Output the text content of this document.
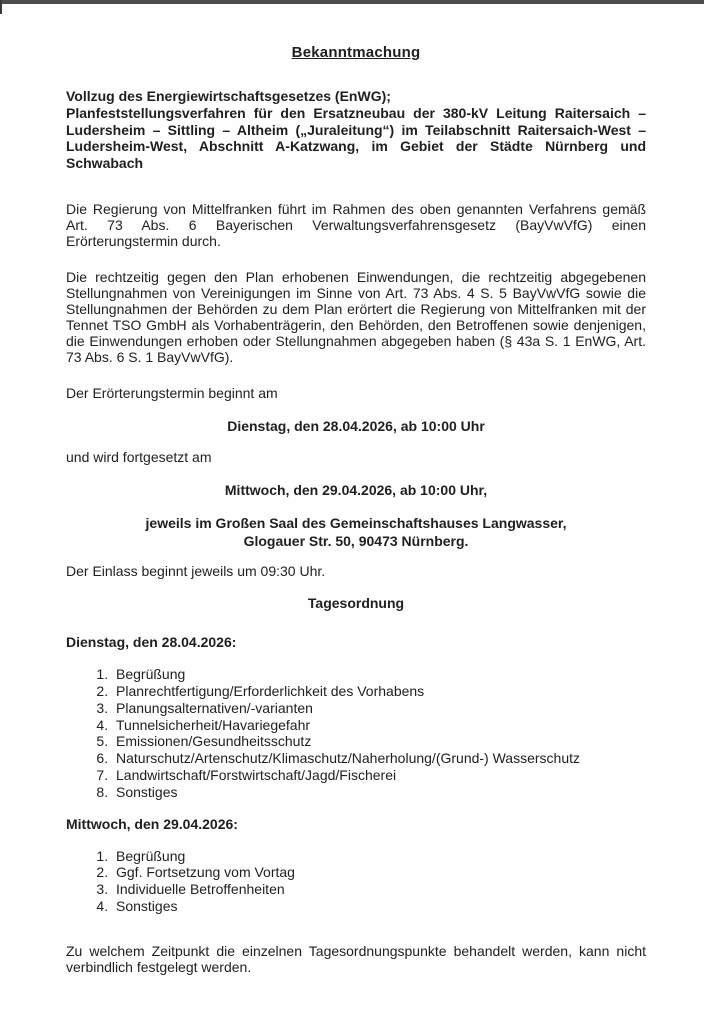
Bekanntmachung
Vollzug des Energiewirtschaftsgesetzes (EnWG);
Planfeststellungsverfahren für den Ersatzneubau der 380-kV Leitung Raitersaich – Ludersheim – Sittling – Altheim („Juraleitung“) im Teilabschnitt Raitersaich-West – Ludersheim-West, Abschnitt A-Katzwang, im Gebiet der Städte Nürnberg und Schwabach

Die Regierung von Mittelfranken führt im Rahmen des oben genannten Verfahrens gemäß Art. 73 Abs. 6 Bayerischen Verwaltungsverfahrensgesetz (BayVwVfG) einen Erörterungstermin durch.

Die rechtzeitig gegen den Plan erhobenen Einwendungen, die rechtzeitig abgegebenen Stellungnahmen von Vereinigungen im Sinne von Art. 73 Abs. 4 S. 5 BayVwVfG sowie die Stellungnahmen der Behörden zu dem Plan erörtert die Regierung von Mittelfranken mit der Tennet TSO GmbH als Vorhabenträgerin, den Behörden, den Betroffenen sowie denjenigen, die Einwendungen erhoben oder Stellungnahmen abgegeben haben (§ 43a S. 1 EnWG, Art. 73 Abs. 6 S. 1 BayVwVfG).

Der Erörterungstermin beginnt am

Dienstag, den 28.04.2026, ab 10:00 Uhr

und wird fortgesetzt am

Mittwoch, den 29.04.2026, ab 10:00 Uhr,
jeweils im Großen Saal des Gemeinschaftshauses Langwasser,
Glogauer Str. 50, 90473 Nürnberg.

Der Einlass beginnt jeweils um 09:30 Uhr.

Tagesordnung
Dienstag, den 28.04.2026:
1. Begrüßung
2. Planrechtfertigung/Erforderlichkeit des Vorhabens
3. Planungsalternativen/-varianten
4. Tunnelsicherheit/Havariegefahr
5. Emissionen/Gesundheitsschutz
6. Naturschutz/Artenschutz/Klimaschutz/Naherholung/(Grund-) Wasserschutz
7. Landwirtschaft/Forstwirtschaft/Jagd/Fischerei
8. Sonstiges
Mittwoch, den 29.04.2026:
1. Begrüßung
2. Ggf. Fortsetzung vom Vortag
3. Individuelle Betroffenheiten
4. Sonstiges

Zu welchem Zeitpunkt die einzelnen Tagesordnungspunkte behandelt werden, kann nicht verbindlich festgelegt werden.
